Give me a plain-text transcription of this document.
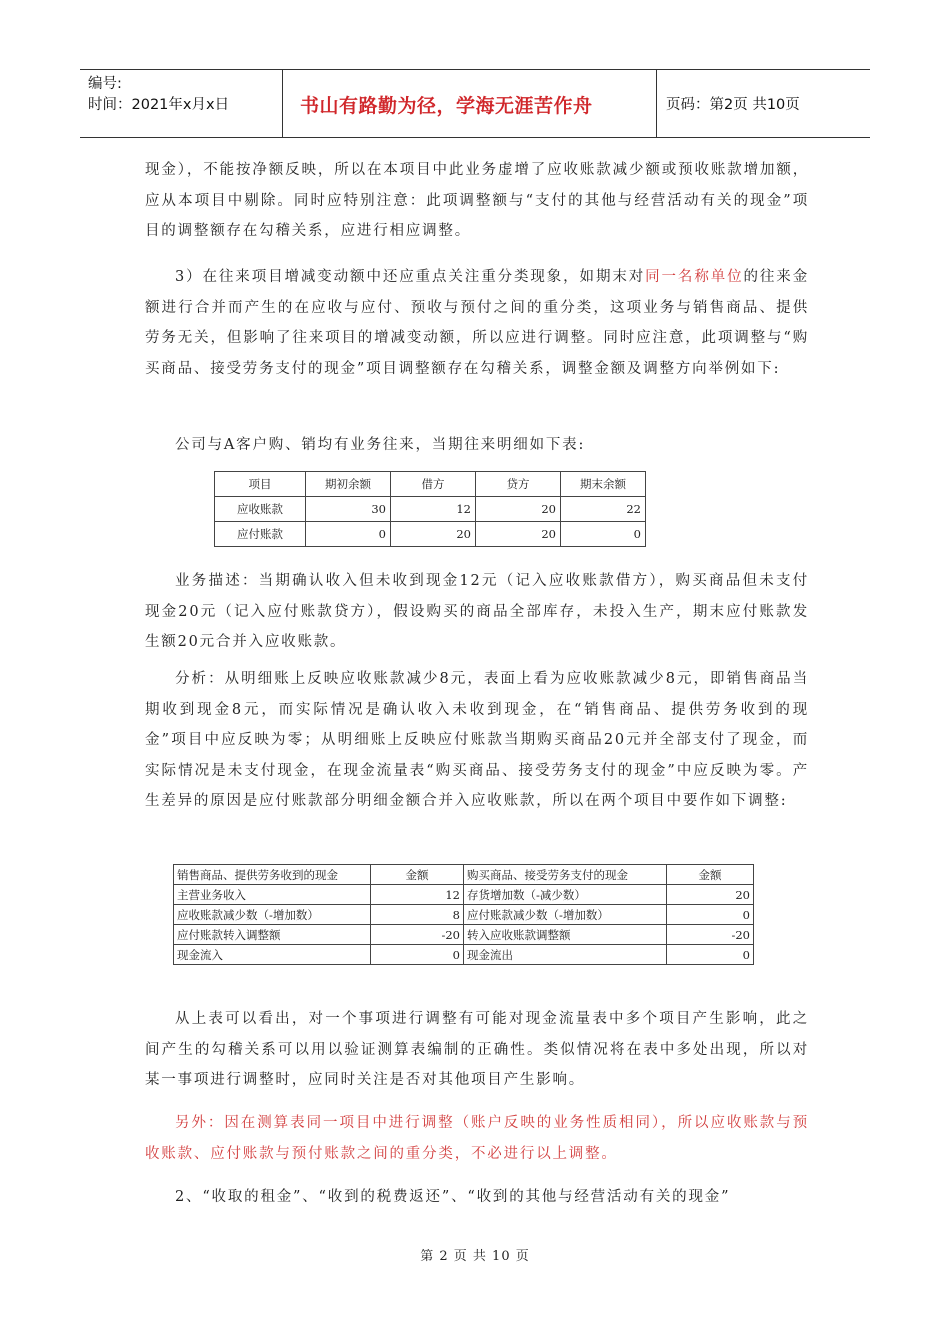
编号:
时间：2021年x月x日	书山有路勤为径，学海无涯苦作舟	页码：第2页 共10页
现金），不能按净额反映，所以在本项目中此业务虚增了应收账款减少额或预收账款增加额，应从本项目中剔除。同时应特别注意：此项调整额与“支付的其他与经营活动有关的现金”项目的调整额存在勾稽关系，应进行相应调整。
3）在往来项目增减变动额中还应重点关注重分类现象，如期末对同一名称单位的往来金额进行合并而产生的在应收与应付、预收与预付之间的重分类，这项业务与销售商品、提供劳务无关，但影响了往来项目的增减变动额，所以应进行调整。同时应注意，此项调整与“购买商品、接受劳务支付的现金”项目调整额存在勾稽关系，调整金额及调整方向举例如下:
公司与A客户购、销均有业务往来，当期往来明细如下表:
项目	期初余额	借方	贷方	期末余额
应收账款	30	12	20	22
应付账款	0	20	20	0
业务描述：当期确认收入但未收到现金12元（记入应收账款借方），购买商品但未支付现金20元（记入应付账款贷方），假设购买的商品全部库存，未投入生产，期末应付账款发生额20元合并入应收账款。
分析：从明细账上反映应收账款减少8元，表面上看为应收账款减少8元，即销售商品当期收到现金8元，而实际情况是确认收入未收到现金，在“销售商品、提供劳务收到的现金”项目中应反映为零；从明细账上反映应付账款当期购买商品20元并全部支付了现金，而实际情况是未支付现金，在现金流量表“购买商品、接受劳务支付的现金”中应反映为零。产生差异的原因是应付账款部分明细金额合并入应收账款，所以在两个项目中要作如下调整:
销售商品、提供劳务收到的现金	金额	购买商品、接受劳务支付的现金	金额
主营业务收入	12	存货增加数（-减少数）	20
应收账款减少数（-增加数）	8	应付账款减少数（-增加数）	0
应付账款转入调整额	-20	转入应收账款调整额	-20
现金流入	0	现金流出	0
从上表可以看出，对一个事项进行调整有可能对现金流量表中多个项目产生影响，此之间产生的勾稽关系可以用以验证测算表编制的正确性。类似情况将在表中多处出现，所以对某一事项进行调整时，应同时关注是否对其他项目产生影响。
另外：因在测算表同一项目中进行调整（账户反映的业务性质相同），所以应收账款与预收账款、应付账款与预付账款之间的重分类，不必进行以上调整。
2、“收取的租金”、“收到的税费返还”、“收到的其他与经营活动有关的现金”
第 2 页 共 10 页
